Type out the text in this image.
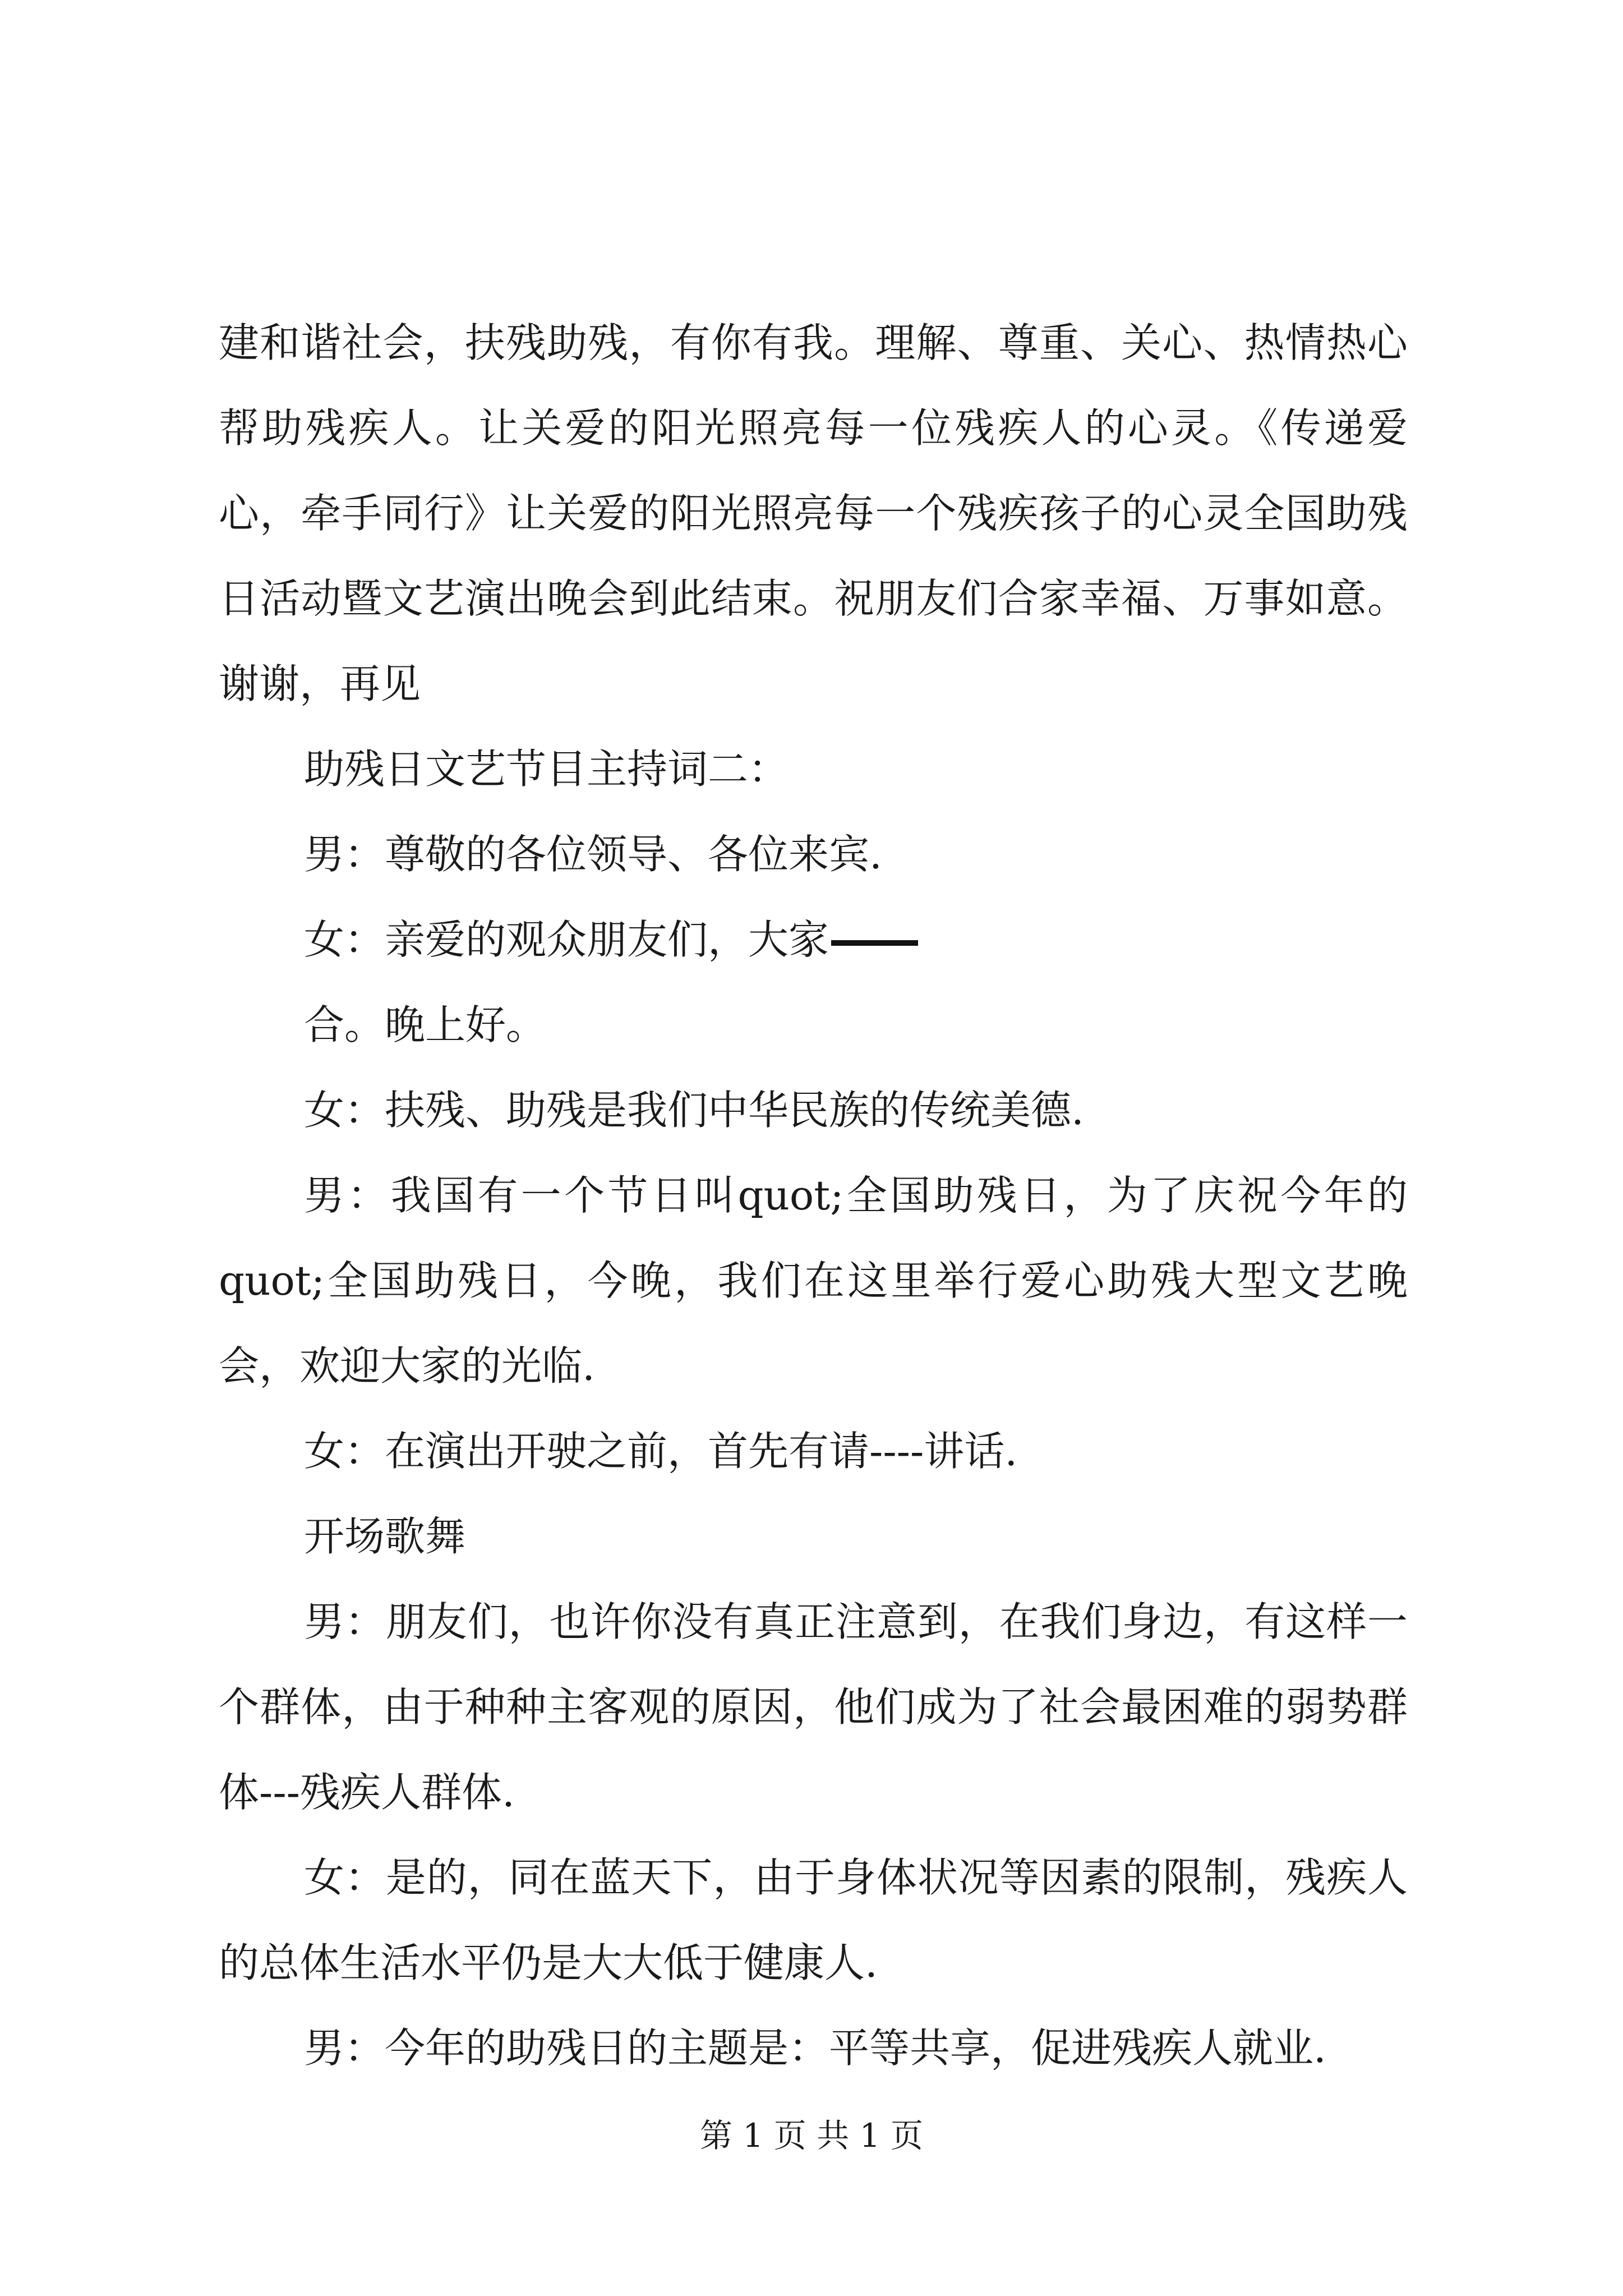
建和谐社会，扶残助残，有你有我。理解、尊重、关心、热情热心帮助残疾人。让关爱的阳光照亮每一位残疾人的心灵。《传递爱心，牵手同行》让关爱的阳光照亮每一个残疾孩子的心灵全国助残日活动暨文艺演出晚会到此结束。祝朋友们合家幸福、万事如意。谢谢，再见

助残日文艺节目主持词二：
男：尊敬的各位领导、各位来宾.
女：亲爱的观众朋友们，大家
合。晚上好。
女：扶残、助残是我们中华民族的传统美德.
男：我国有一个节日叫quot;全国助残日，为了庆祝今年的quot;全国助残日，今晚，我们在这里举行爱心助残大型文艺晚会，欢迎大家的光临.
女：在演出开驶之前，首先有请----讲话.
开场歌舞
男：朋友们，也许你没有真正注意到，在我们身边，有这样一个群体，由于种种主客观的原因，他们成为了社会最困难的弱势群体---残疾人群体.
女：是的，同在蓝天下，由于身体状况等因素的限制，残疾人的总体生活水平仍是大大低于健康人.
男：今年的助残日的主题是：平等共享，促进残疾人就业.
第 1 页 共 1 页
